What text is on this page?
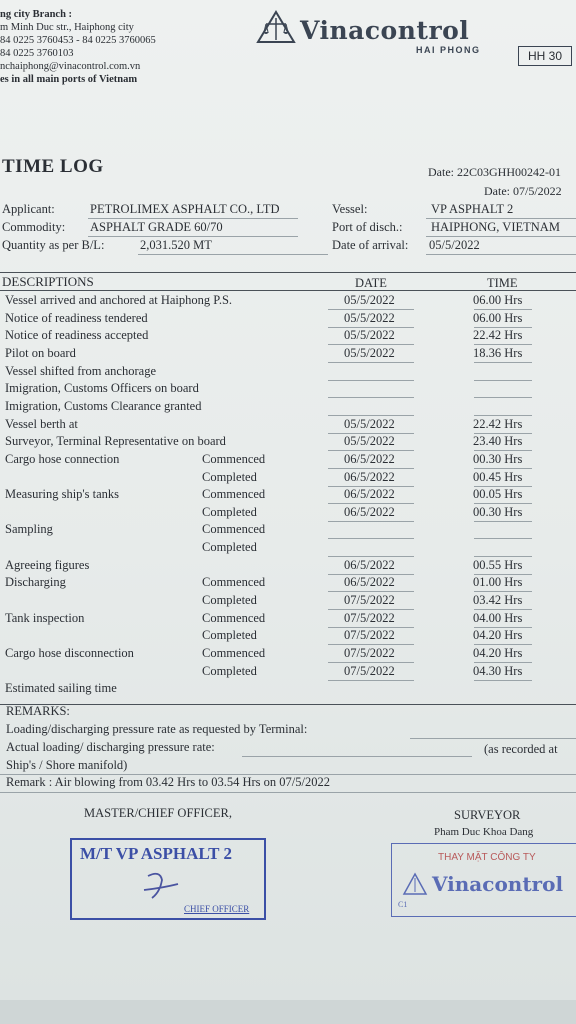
ng city Branch :
m Minh Duc str., Haiphong city
84 0225 3760453 - 84 0225 3760065
84 0225 3760103
nchaiphong@vinacontrol.com.vn
es in all main ports of Vietnam
Vinacontrol
HAI PHONG	HH 30
TIME LOG	Date: 22C03GHH00242-01
Date: 07/5/2022
Applicant:	PETROLIMEX ASPHALT CO., LTD
Commodity: ASPHALT GRADE 60/70
Quantity as per B/L:	2,031.520 MT
Vessel:	VP ASPHALT 2
Port of disch.: HAIPHONG, VIETNAM
Date of arrival: 05/5/2022
DESCRIPTIONS	DATE	TIME
Vessel arrived and anchored at Haiphong P.S.	05/5/2022	06.00 Hrs
Notice of readiness tendered	05/5/2022	06.00 Hrs
Notice of readiness accepted	05/5/2022	22.42 Hrs
Pilot on board	05/5/2022	18.36 Hrs
Vessel shifted from anchorage
Imigration, Customs Officers on board
Imigration, Customs Clearance granted
Vessel berth at	05/5/2022	22.42 Hrs
Surveyor, Terminal Representative on board	05/5/2022	23.40 Hrs
Cargo hose connection	Commenced	06/5/2022	00.30 Hrs
Completed	06/5/2022	00.45 Hrs
Measuring ship's tanks	Commenced	06/5/2022	00.05 Hrs
Completed	06/5/2022	00.30 Hrs
Sampling	Commenced
Completed
Agreeing figures	06/5/2022	00.55 Hrs
Discharging	Commenced	06/5/2022	01.00 Hrs
Completed	07/5/2022	03.42 Hrs
Tank inspection	Commenced	07/5/2022	04.00 Hrs
Completed	07/5/2022	04.20 Hrs
Cargo hose disconnection	Commenced	07/5/2022	04.20 Hrs
Completed	07/5/2022	04.30 Hrs
Estimated sailing time
REMARKS:
Loading/discharging pressure rate as requested by Terminal:
Actual loading/ discharging pressure rate:	(as recorded at
Ship's / Shore manifold)
Remark : Air blowing from 03.42 Hrs to 03.54 Hrs on 07/5/2022
MASTER/CHIEF OFFICER,	SURVEYOR
Pham Duc Khoa Dang
M/T VP ASPHALT 2
CHIEF OFFICER
THAY MẶT CÔNG TY
Vinacontrol
C1
